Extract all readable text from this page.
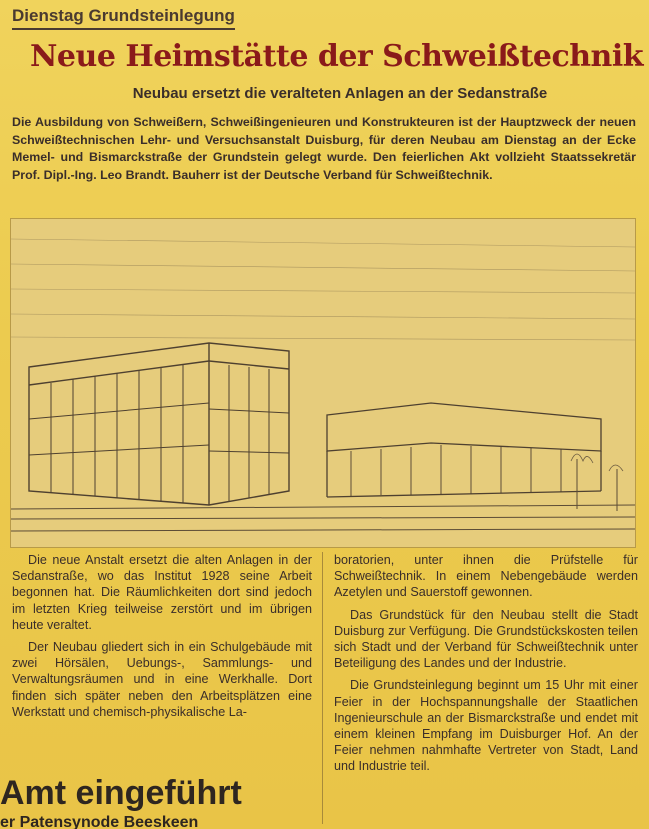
Dienstag Grundsteinlegung
Neue Heimstätte der Schweißtechnik
Neubau ersetzt die veralteten Anlagen an der Sedanstraße
Die Ausbildung von Schweißern, Schweißingenieuren und Konstrukteuren ist der Hauptzweck der neuen Schweißtechnischen Lehr- und Versuchsanstalt Duisburg, für deren Neubau am Dienstag an der Ecke Memel- und Bismarckstraße der Grundstein gelegt wurde. Den feierlichen Akt vollzieht Staatssekretär Prof. Dipl.-Ing. Leo Brandt. Bauherr ist der Deutsche Verband für Schweißtechnik.

Die neue Anstalt ersetzt die alten Anlagen in der Sedanstraße, wo das Institut 1928 seine Arbeit begonnen hat. Die Räumlichkeiten dort sind jedoch im letzten Krieg teilweise zerstört und im übrigen heute veraltet.

Der Neubau gliedert sich in ein Schulgebäude mit zwei Hörsälen, Uebungs-, Sammlungs- und Verwaltungsräumen und in eine Werkhalle. Dort finden sich später neben den Arbeitsplätzen eine Werkstatt und chemisch-physikalische La-

boratorien, unter ihnen die Prüfstelle für Schweißtechnik. In einem Nebengebäude werden Azetylen und Sauerstoff gewonnen.

Das Grundstück für den Neubau stellt die Stadt Duisburg zur Verfügung. Die Grundstückskosten teilen sich Stadt und der Verband für Schweißtechnik unter Beteiligung des Landes und der Industrie.

Die Grundsteinlegung beginnt um 15 Uhr mit einer Feier in der Hochspannungshalle der Staatlichen Ingenieurschule an der Bismarckstraße und endet mit einem kleinen Empfang im Duisburger Hof. An der Feier nehmen nahmhafte Vertreter von Stadt, Land und Industrie teil.

Amt eingeführt
er Patensynode Beeskeen
